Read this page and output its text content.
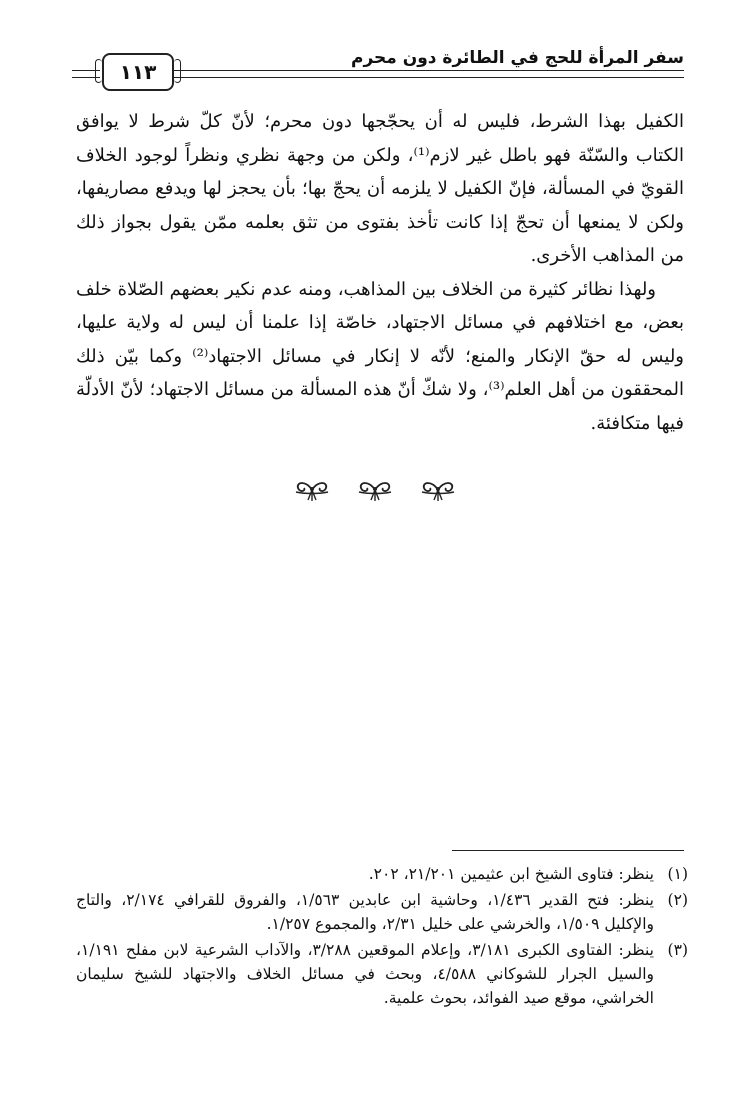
سفر المرأة للحج في الطائرة دون محرم
١١٣

الكفيل بهذا الشرط، فليس له أن يحجّجها دون محرم؛ لأنّ كلّ شرط لا يوافق الكتاب والسّنّة فهو باطل غير لازم⁽¹⁾، ولكن من وجهة نظري ونظراً لوجود الخلاف القويّ في المسألة، فإنّ الكفيل لا يلزمه أن يحجّ بها؛ بأن يحجز لها ويدفع مصاريفها، ولكن لا يمنعها أن تحجّ إذا كانت تأخذ بفتوى من تثق بعلمه ممّن يقول بجواز ذلك من المذاهب الأخرى.

ولهذا نظائر كثيرة من الخلاف بين المذاهب، ومنه عدم نكير بعضهم الصّلاة خلف بعض، مع اختلافهم في مسائل الاجتهاد، خاصّة إذا علمنا أن ليس له ولاية عليها، وليس له حقّ الإنكار والمنع؛ لأنّه لا إنكار في مسائل الاجتهاد⁽²⁾ وكما بيّن ذلك المحققون من أهل العلم⁽³⁾، ولا شكّ أنّ هذه المسألة من مسائل الاجتهاد؛ لأنّ الأدلّة فيها متكافئة.

(١)
ينظر: فتاوى الشيخ ابن عثيمين ٢١/٢٠١، ٢٠٢.
(٢)
ينظر: فتح القدير ١/٤٣٦، وحاشية ابن عابدين ١/٥٦٣، والفروق للقرافي ٢/١٧٤، والتاج والإكليل ١/٥٠٩، والخرشي على خليل ٢/٣١، والمجموع ١/٢٥٧.
(٣)
ينظر: الفتاوى الكبرى ٣/١٨١، وإعلام الموقعين ٣/٢٨٨، والآداب الشرعية لابن مفلح ١/١٩١، والسيل الجرار للشوكاني ٤/٥٨٨، وبحث في مسائل الخلاف والاجتهاد للشيخ سليمان الخراشي، موقع صيد الفوائد، بحوث علمية.
